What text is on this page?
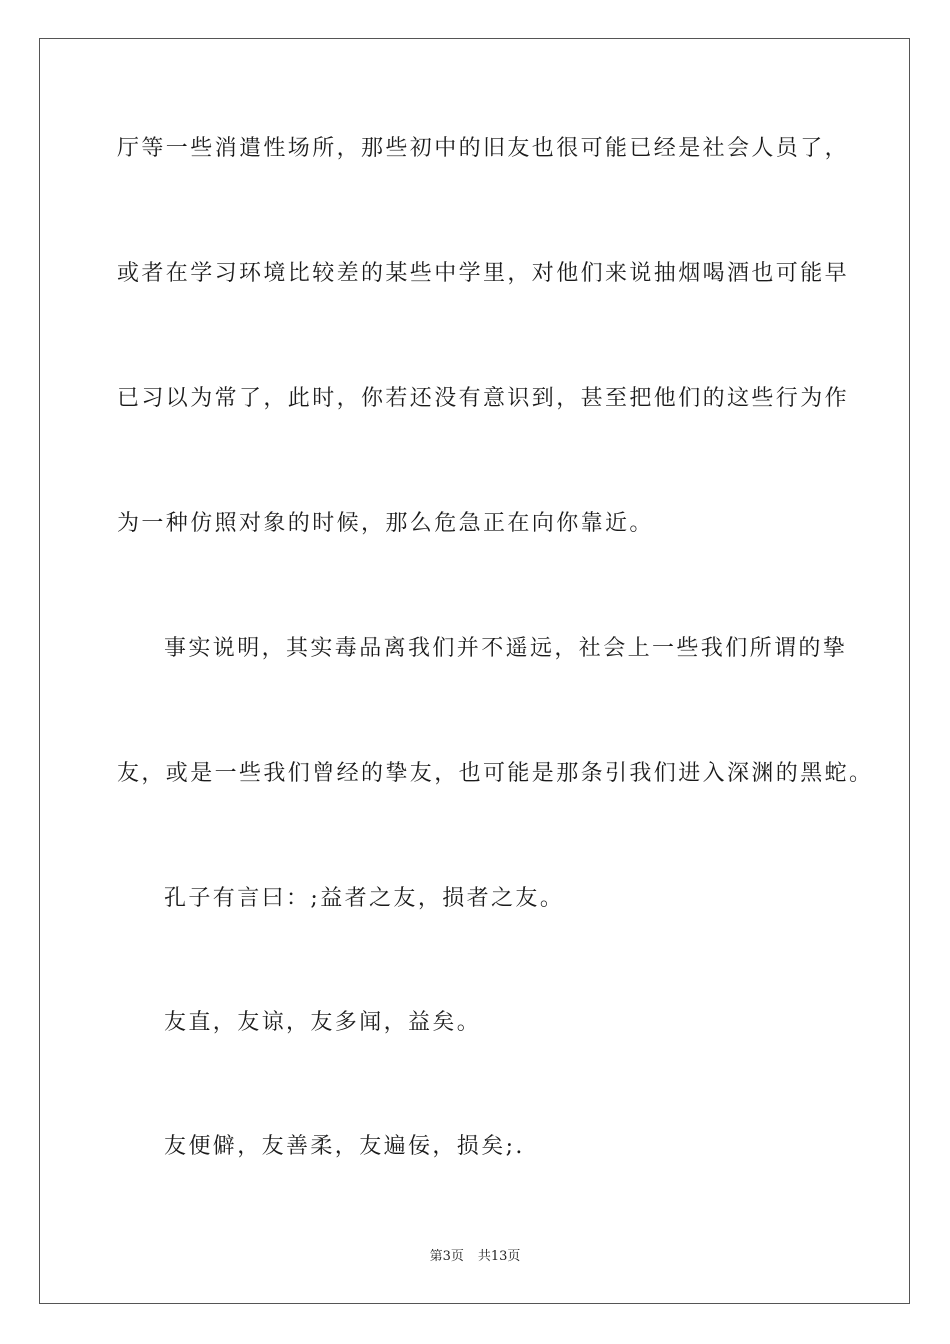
厅等一些消遣性场所，那些初中的旧友也很可能已经是社会人员了，
或者在学习环境比较差的某些中学里，对他们来说抽烟喝酒也可能早
已习以为常了，此时，你若还没有意识到，甚至把他们的这些行为作
为一种仿照对象的时候，那么危急正在向你靠近。
事实说明，其实毒品离我们并不遥远，社会上一些我们所谓的挚
友，或是一些我们曾经的挚友，也可能是那条引我们进入深渊的黑蛇。
孔子有言曰：;益者之友，损者之友。
友直，友谅，友多闻，益矣。
友便僻，友善柔，友遍佞，损矣;.
第3页 共13页
